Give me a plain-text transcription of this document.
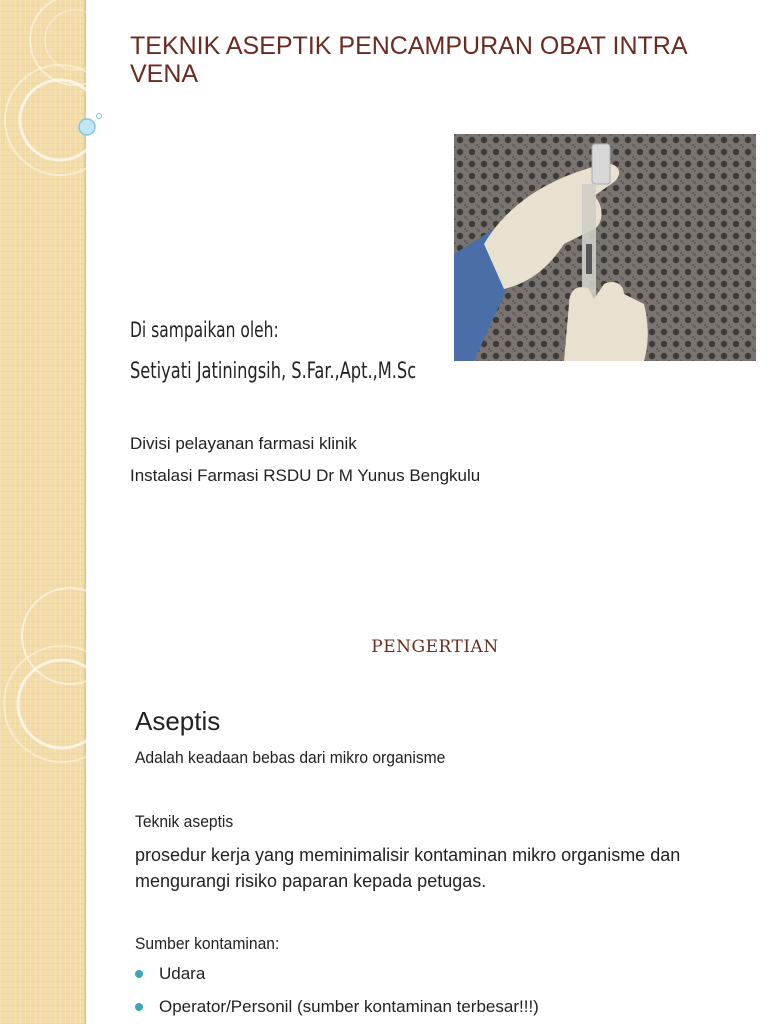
TEKNIK ASEPTIK PENCAMPURAN OBAT INTRA VENA
Di sampaikan oleh:
Setiyati Jatiningsih, S.Far.,Apt.,M.Sc
Divisi pelayanan farmasi klinik
Instalasi Farmasi RSDU Dr M Yunus Bengkulu
PENGERTIAN
Aseptis
Adalah keadaan bebas dari mikro organisme
Teknik aseptis
prosedur kerja yang meminimalisir kontaminan mikro organisme dan mengurangi risiko paparan kepada petugas.
Sumber kontaminan:
Udara
Operator/Personil (sumber kontaminan terbesar!!!)
